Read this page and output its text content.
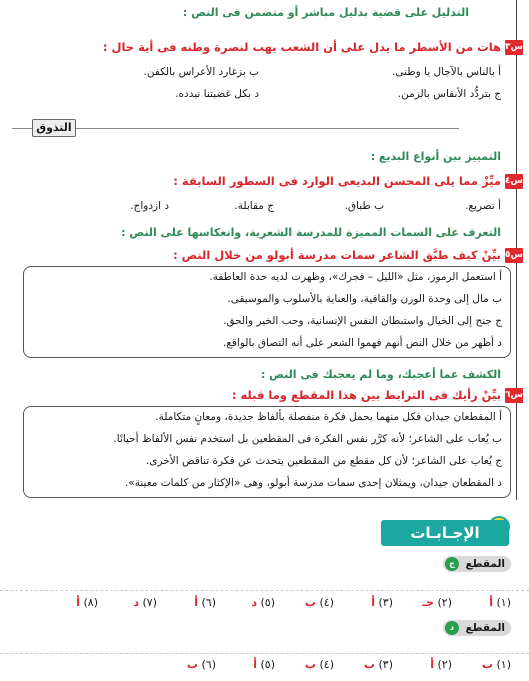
التدليل على قضية بدليل مباشر أو متضمن فى النص :
س٣
هات من الأسطر ما يدل على أن الشعب يهب لنصرة وطنه فى أية حال :
أ بالناس بالآجال يا وطنى.
ب بزغارد الأعراس بالكفن.
ج بتردُّد الأنفاس بالزمن.
د بكل غضبتنا نبدده.
التذوق
التمييز بين أنواع البديع :
س٤
ميِّزْ مما يلى المحسن البديعى الوارد فى السطور السابقة :
أ تصريع.
ب طباق.
ج مقابلة.
د ازدواج.
التعرف على السمات المميزة للمدرسة الشعرية، وانعكاسها على النص :
س٥
بيِّنْ كيف طبَّق الشاعر سمات مدرسة أبولو من خلال النص :
أ استعمل الرموز، مثل «الليل – فجرك»، وظهرت لديه حدة العاطفة.
ب مال إلى وحدة الوزن والقافية، والعناية بالأسلوب والموسيقى.
ج جنح إلى الخيال واستبطان النفس الإنسانية، وحب الخير والحق.
د أظهر من خلال النص أنهم فهموا الشعر على أنه التصاق بالواقع.
الكشف عما أعجبك، وما لم يعجبك فى النص :
س٦
بيِّنْ رأيك فى الترابط بين هذا المقطع وما قبله :
أ المقطعان جيدان فكل منهما يحمل فكرة منفصلة بألفاظ جديدة، ومعانٍ متكاملة.
ب يُعاب على الشاعر؛ لأنه كرَّر نفس الفكرة فى المقطعين بل استخدم نفس الألفاظ أحيانًا.
ج يُعاب على الشاعر؛ لأن كل مقطع من المقطعين يتحدث عن فكرة تناقض الأخرى.
د المقطعان جيدان، ويمثلان إحدى سمات مدرسة أبولو، وهى «الإكثار من كلمات معينة».
الإجـابـات
المقطع
ج
(١) أ
(٢) جـ
(٣) أ
(٤) ب
(٥) د
(٦) أ
(٧) د
(٨) أ
المقطع
د
(١) ب
(٢) أ
(٣) ب
(٤) ب
(٥) أ
(٦) ب
